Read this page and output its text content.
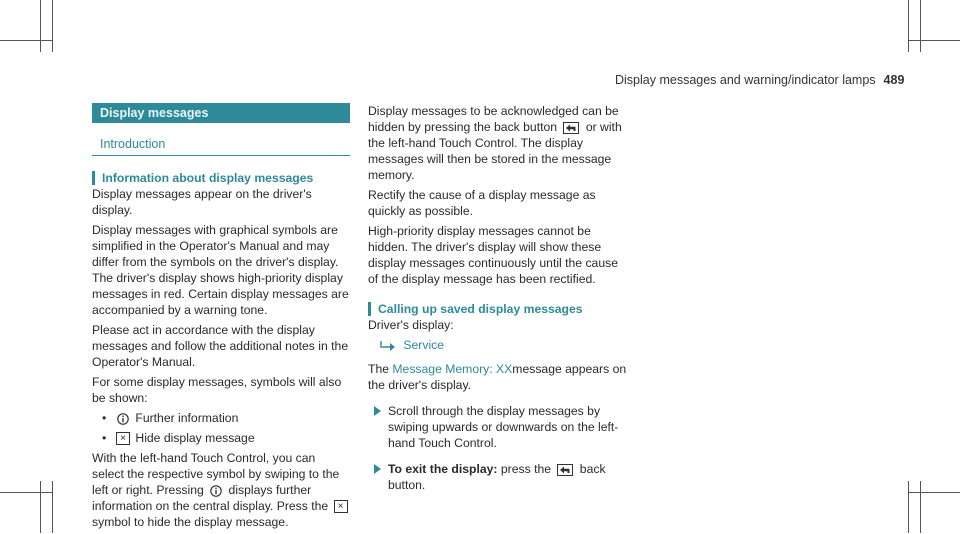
Display messages and warning/indicator lamps 489
Display messages
Introduction
Information about display messages

Display messages appear on the driver's display.

Display messages with graphical symbols are simplified in the Operator's Manual and may differ from the symbols on the driver's display. The driver's display shows high-priority display messages in red. Certain display messages are accompanied by a warning tone.

Please act in accordance with the display messages and follow the additional notes in the Operator's Manual.

For some display messages, symbols will also be shown:

• Further information
• × Hide display message

With the left-hand Touch Control, you can select the respective symbol by swiping to the left or right. Pressing displays further information on the central display. Press the × symbol to hide the display message.

Display messages to be acknowledged can be hidden by pressing the back button or with the left-hand Touch Control. The display messages will then be stored in the message memory.

Rectify the cause of a display message as quickly as possible.

High-priority display messages cannot be hidden. The driver's display will show these display messages continuously until the cause of the display message has been rectified.

Calling up saved display messages

Driver's display:

Service

The Message Memory: XXmessage appears on the driver's display.

Scroll through the display messages by swiping upwards or downwards on the left-hand Touch Control.
To exit the display: press the back button.
